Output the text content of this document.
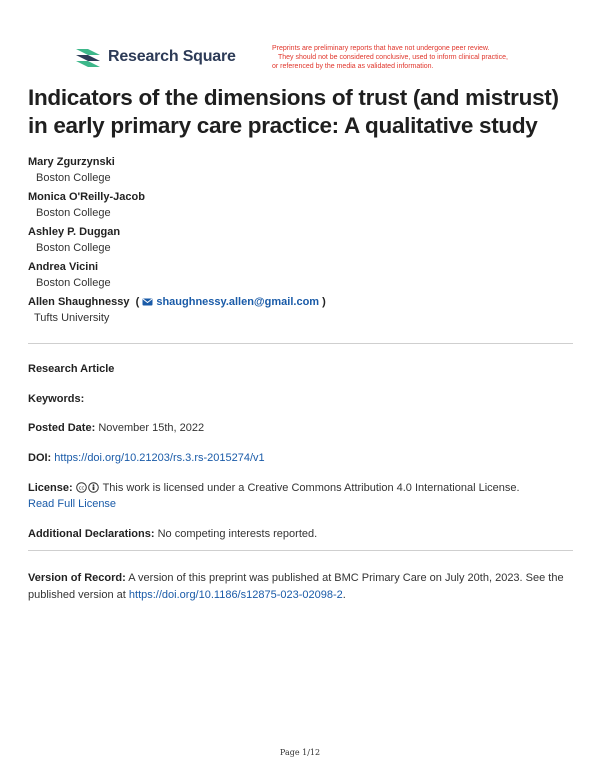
Research Square	Preprints are preliminary reports that have not undergone peer review.
They should not be considered conclusive, used to inform clinical practice,
or referenced by the media as validated information.
Indicators of the dimensions of trust (and mistrust)
in early primary care practice: A qualitative study
Mary Zgurzynski
Boston College
Monica O'Reilly-Jacob
Boston College
Ashley P. Duggan
Boston College
Andrea Vicini
Boston College
Allen Shaughnessy  ( shaughnessy.allen@gmail.com )
Tufts University
Research Article
Keywords:
Posted Date: November 15th, 2022
DOI: https://doi.org/10.21203/rs.3.rs-2015274/v1
License: cc This work is licensed under a Creative Commons Attribution 4.0 International License.
Read Full License
Additional Declarations: No competing interests reported.
Version of Record: A version of this preprint was published at BMC Primary Care on July 20th, 2023. See the published version at https://doi.org/10.1186/s12875-023-02098-2.
Page 1/12
